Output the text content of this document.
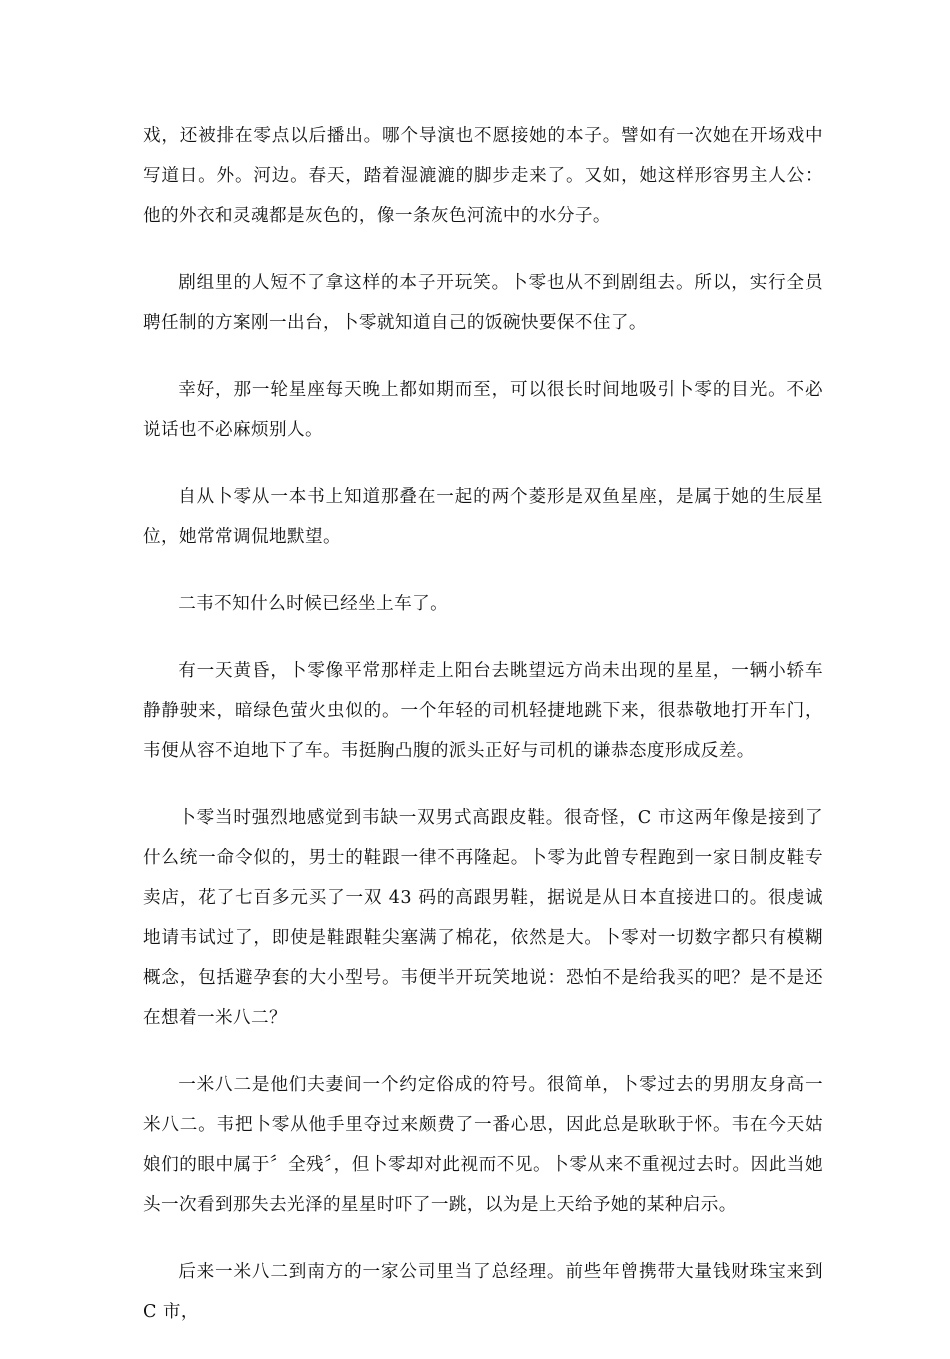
戏，还被排在零点以后播出。哪个导演也不愿接她的本子。譬如有一次她在开场戏中写道日。外。河边。春天，踏着湿漉漉的脚步走来了。又如，她这样形容男主人公：他的外衣和灵魂都是灰色的，像一条灰色河流中的水分子。

剧组里的人短不了拿这样的本子开玩笑。卜零也从不到剧组去。所以，实行全员聘任制的方案刚一出台，卜零就知道自己的饭碗快要保不住了。

幸好，那一轮星座每天晚上都如期而至，可以很长时间地吸引卜零的目光。不必说话也不必麻烦别人。

自从卜零从一本书上知道那叠在一起的两个菱形是双鱼星座，是属于她的生辰星位，她常常调侃地默望。

二韦不知什么时候已经坐上车了。

有一天黄昏，卜零像平常那样走上阳台去眺望远方尚未出现的星星，一辆小轿车静静驶来，暗绿色萤火虫似的。一个年轻的司机轻捷地跳下来，很恭敬地打开车门，韦便从容不迫地下了车。韦挺胸凸腹的派头正好与司机的谦恭态度形成反差。

卜零当时强烈地感觉到韦缺一双男式高跟皮鞋。很奇怪，C 市这两年像是接到了什么统一命令似的，男士的鞋跟一律不再隆起。卜零为此曾专程跑到一家日制皮鞋专卖店，花了七百多元买了一双 43 码的高跟男鞋，据说是从日本直接进口的。很虔诚地请韦试过了，即使是鞋跟鞋尖塞满了棉花，依然是大。卜零对一切数字都只有模糊概念，包括避孕套的大小型号。韦便半开玩笑地说：恐怕不是给我买的吧？是不是还在想着一米八二？

一米八二是他们夫妻间一个约定俗成的符号。很简单，卜零过去的男朋友身高一米八二。韦把卜零从他手里夺过来颇费了一番心思，因此总是耿耿于怀。韦在今天姑娘们的眼中属于〞全残〞，但卜零却对此视而不见。卜零从来不重视过去时。因此当她头一次看到那失去光泽的星星时吓了一跳，以为是上天给予她的某种启示。

后来一米八二到南方的一家公司里当了总经理。前些年曾携带大量钱财珠宝来到 C 市，
